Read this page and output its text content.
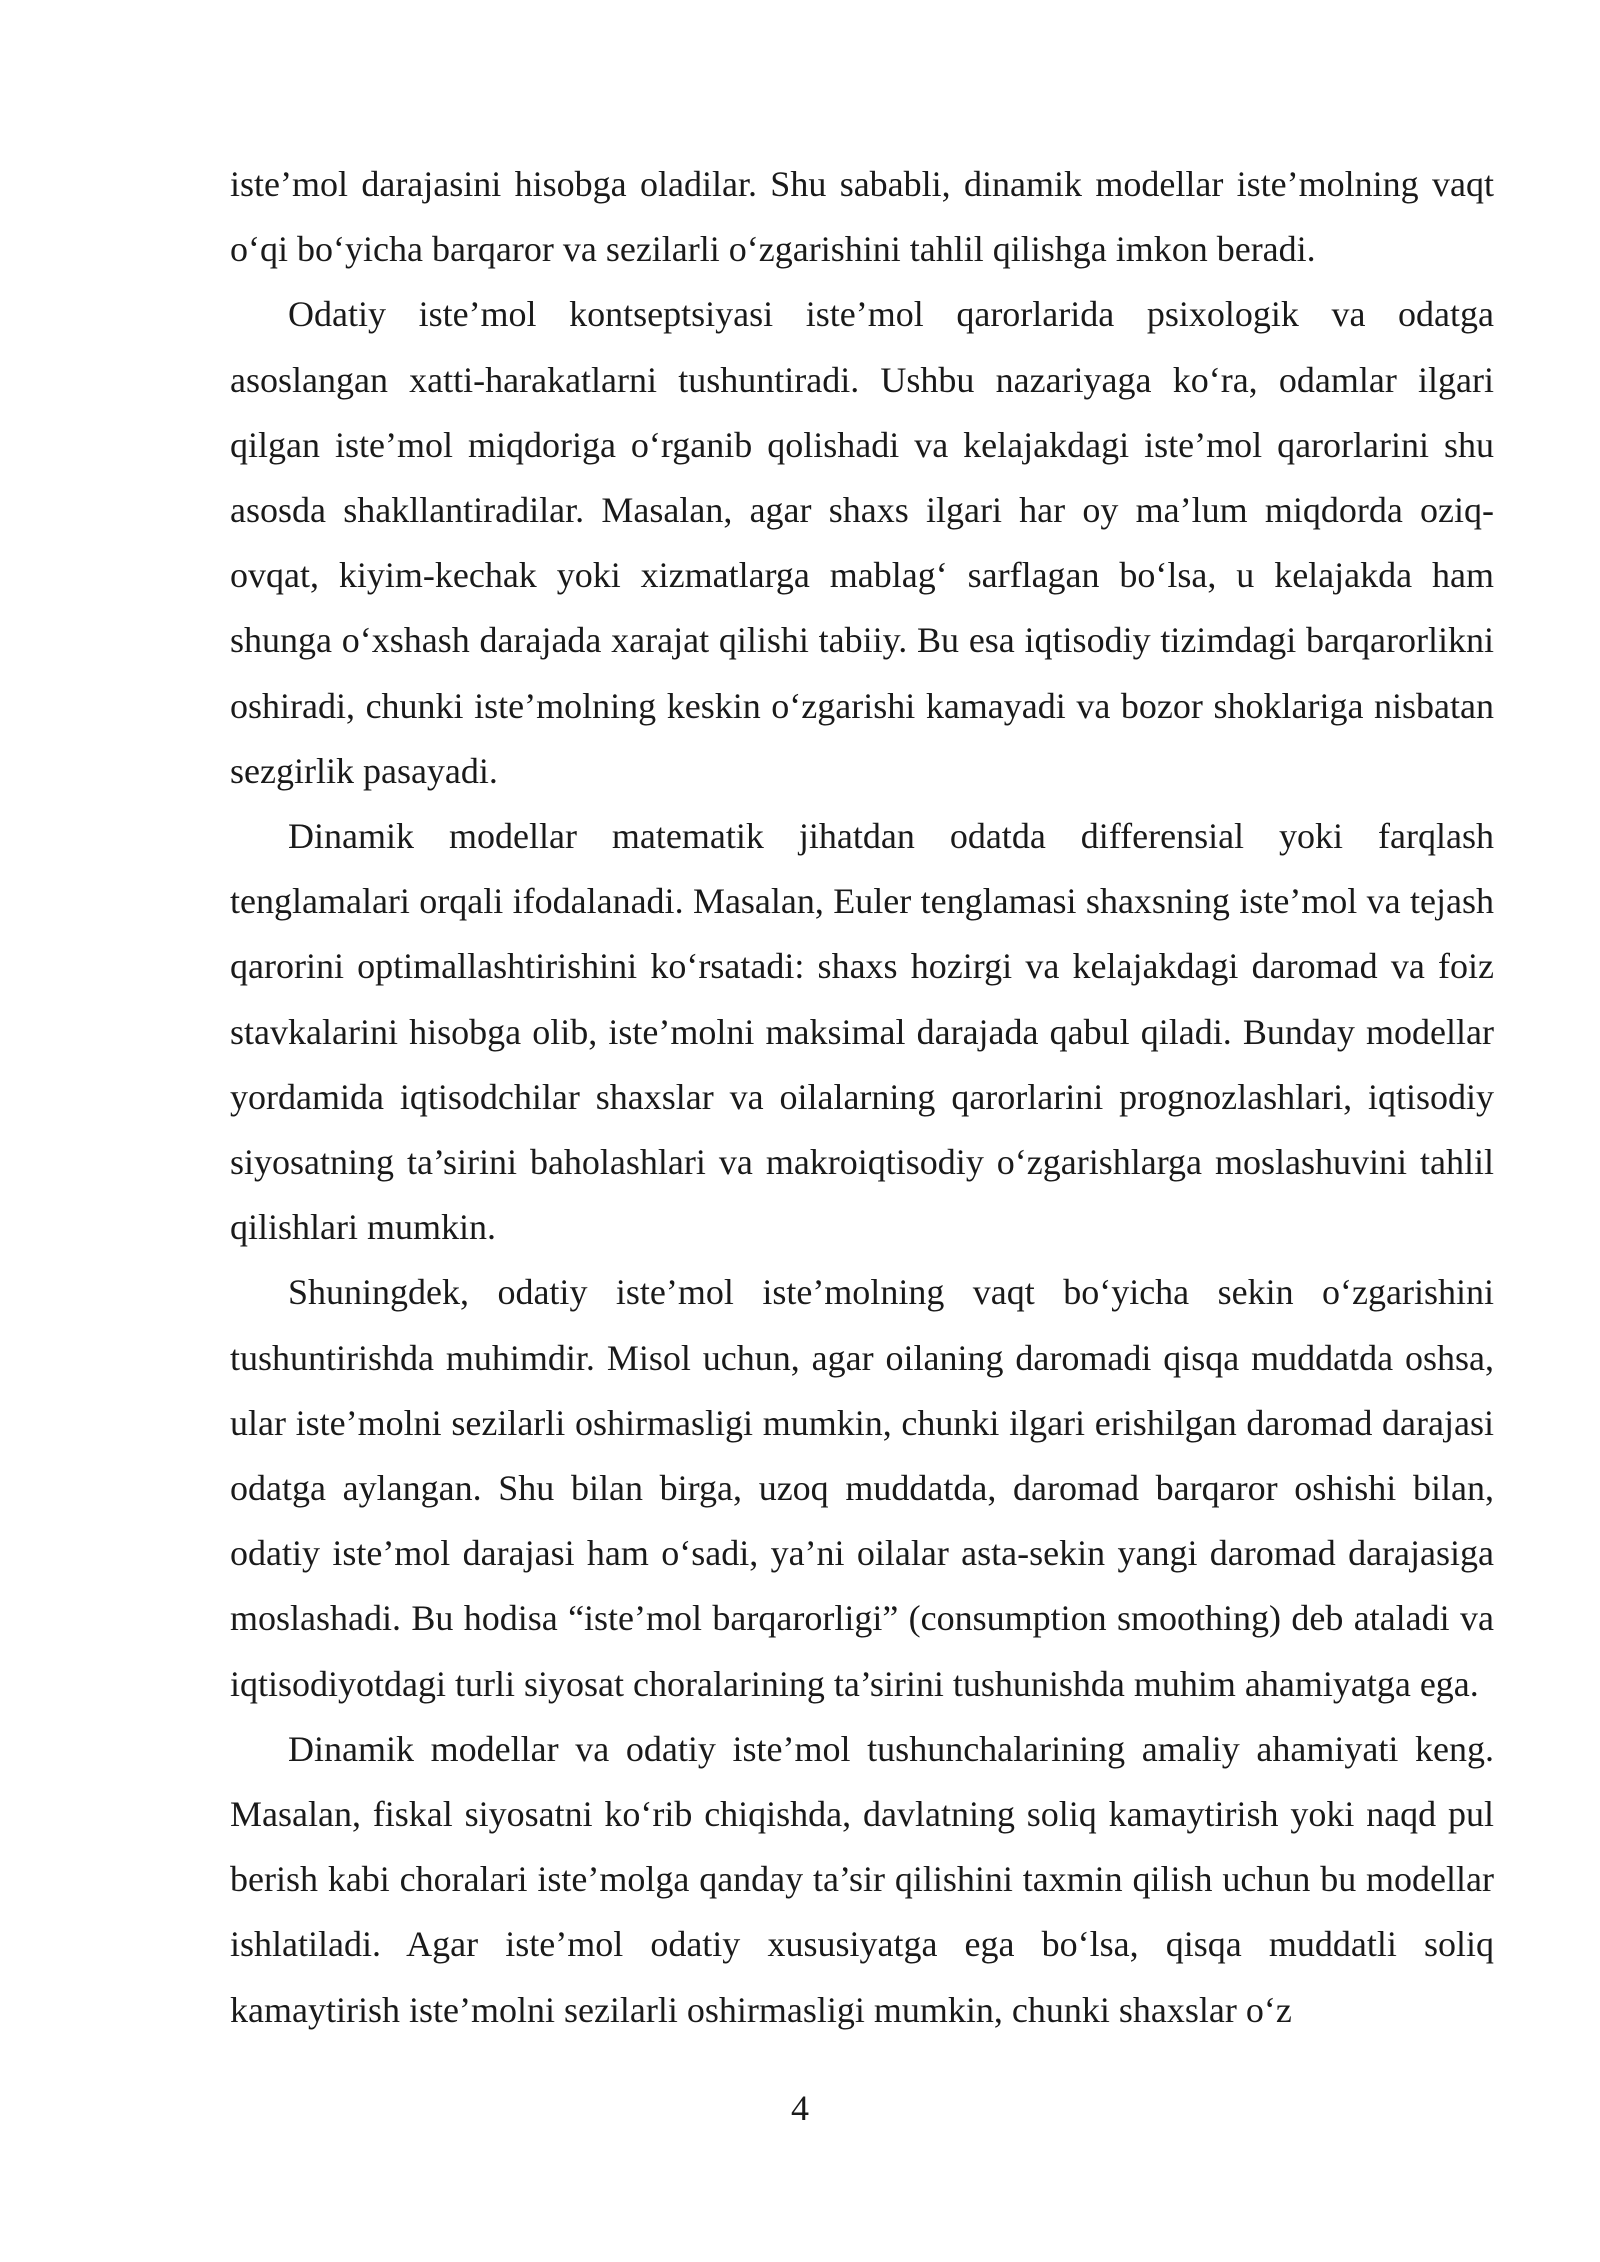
iste’mol darajasini hisobga oladilar. Shu sababli, dinamik modellar iste’molning vaqt o‘qi bo‘yicha barqaror va sezilarli o‘zgarishini tahlil qilishga imkon beradi.

Odatiy iste’mol kontseptsiyasi iste’mol qarorlarida psixologik va odatga asoslangan xatti-harakatlarni tushuntiradi. Ushbu nazariyaga ko‘ra, odamlar ilgari qilgan iste’mol miqdoriga o‘rganib qolishadi va kelajakdagi iste’mol qarorlarini shu asosda shakllantiradilar. Masalan, agar shaxs ilgari har oy ma’lum miqdorda oziq-ovqat, kiyim-kechak yoki xizmatlarga mablag‘ sarflagan bo‘lsa, u kelajakda ham shunga o‘xshash darajada xarajat qilishi tabiiy. Bu esa iqtisodiy tizimdagi barqarorlikni oshiradi, chunki iste’molning keskin o‘zgarishi kamayadi va bozor shoklariga nisbatan sezgirlik pasayadi.

Dinamik modellar matematik jihatdan odatda differensial yoki farqlash tenglamalari orqali ifodalanadi. Masalan, Euler tenglamasi shaxsning iste’mol va tejash qarorini optimallashtirishini ko‘rsatadi: shaxs hozirgi va kelajakdagi daromad va foiz stavkalarini hisobga olib, iste’molni maksimal darajada qabul qiladi. Bunday modellar yordamida iqtisodchilar shaxslar va oilalarning qarorlarini prognozlashlari, iqtisodiy siyosatning ta’sirini baholashlari va makroiqtisodiy o‘zgarishlarga moslashuvini tahlil qilishlari mumkin.

Shuningdek, odatiy iste’mol iste’molning vaqt bo‘yicha sekin o‘zgarishini tushuntirishda muhimdir. Misol uchun, agar oilaning daromadi qisqa muddatda oshsa, ular iste’molni sezilarli oshirmasligi mumkin, chunki ilgari erishilgan daromad darajasi odatga aylangan. Shu bilan birga, uzoq muddatda, daromad barqaror oshishi bilan, odatiy iste’mol darajasi ham o‘sadi, ya’ni oilalar asta-sekin yangi daromad darajasiga moslashadi. Bu hodisa “iste’mol barqarorligi” (consumption smoothing) deb ataladi va iqtisodiyotdagi turli siyosat choralarining ta’sirini tushunishda muhim ahamiyatga ega.

Dinamik modellar va odatiy iste’mol tushunchalarining amaliy ahamiyati keng. Masalan, fiskal siyosatni ko‘rib chiqishda, davlatning soliq kamaytirish yoki naqd pul berish kabi choralari iste’molga qanday ta’sir qilishini taxmin qilish uchun bu modellar ishlatiladi. Agar iste’mol odatiy xususiyatga ega bo‘lsa, qisqa muddatli soliq kamaytirish iste’molni sezilarli oshirmasligi mumkin, chunki shaxslar o‘z

4
